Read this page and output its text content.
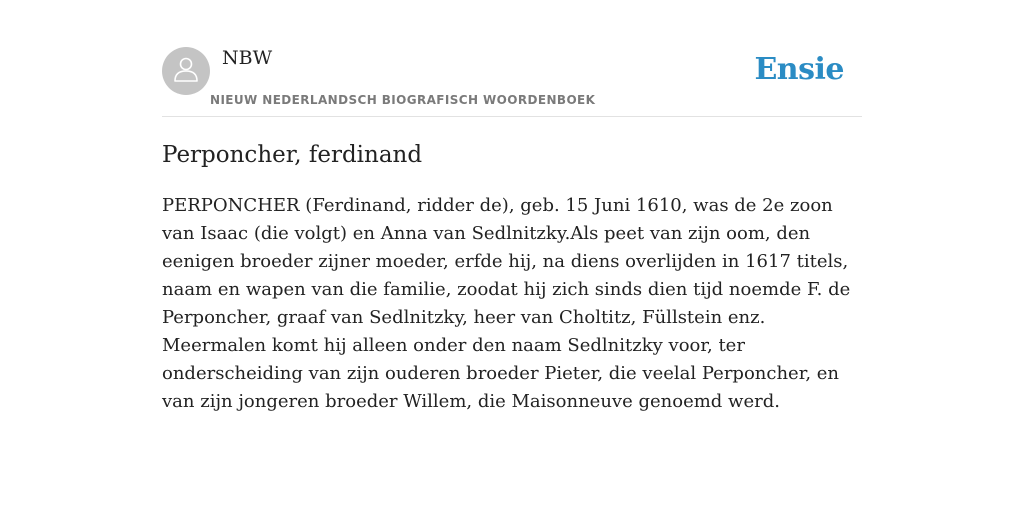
NBW
NIEUW NEDERLANDSCH BIOGRAFISCH WOORDENBOEK
Ensie
Perponcher, ferdinand

PERPONCHER (Ferdinand, ridder de), geb. 15 Juni 1610, was de 2e zoon van Isaac (die volgt) en Anna van Sedlnitzky.Als peet van zijn oom, den eenigen broeder zijner moeder, erfde hij, na diens overlijden in 1617 titels, naam en wapen van die familie, zoodat hij zich sinds dien tijd noemde F. de Perponcher, graaf van Sedlnitzky, heer van Choltitz, Füllstein enz. Meermalen komt hij alleen onder den naam Sedlnitzky voor, ter onderscheiding van zijn ouderen broeder Pieter, die veelal Perponcher, en van zijn jongeren broeder Willem, die Maisonneuve genoemd werd.
